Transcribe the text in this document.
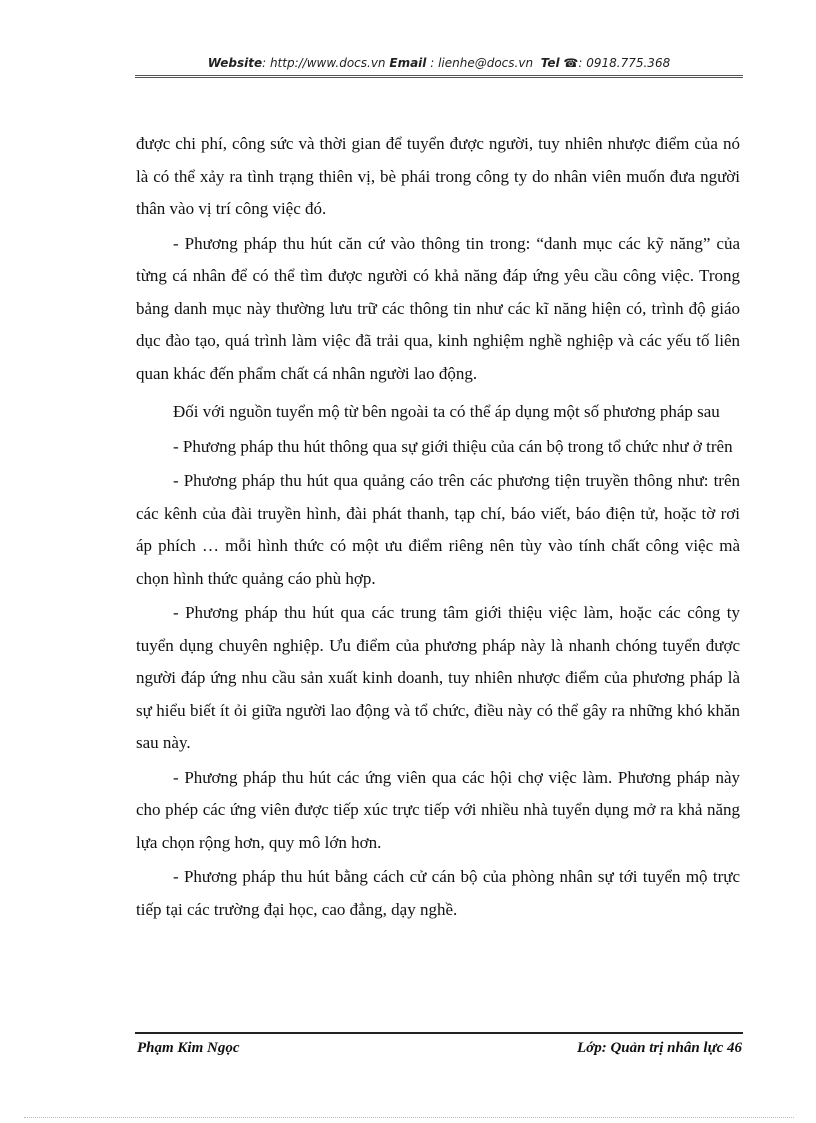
Website: http://www.docs.vn Email : lienhe@docs.vn Tel ☎: 0918.775.368

được chi phí, công sức và thời gian để tuyển được người, tuy nhiên nhược điểm của nó là có thể xảy ra tình trạng thiên vị, bè phái trong công ty do nhân viên muốn đưa người thân vào vị trí công việc đó.

- Phương pháp thu hút căn cứ vào thông tin trong: “danh mục các kỹ năng” của từng cá nhân để có thể tìm được người có khả năng đáp ứng yêu cầu công việc. Trong bảng danh mục này thường lưu trữ các thông tin như các kĩ năng hiện có, trình độ giáo dục đào tạo, quá trình làm việc đã trải qua, kinh nghiệm nghề nghiệp và các yếu tố liên quan khác đến phẩm chất cá nhân người lao động.

Đối với nguồn tuyển mộ từ bên ngoài ta có thể áp dụng một số phương pháp sau

- Phương pháp thu hút thông qua sự giới thiệu của cán bộ trong tổ chức như ở trên

- Phương pháp thu hút qua quảng cáo trên các phương tiện truyền thông như: trên các kênh của đài truyền hình, đài phát thanh, tạp chí, báo viết, báo điện tử, hoặc tờ rơi áp phích … mỗi hình thức có một ưu điểm riêng nên tùy vào tính chất công việc mà chọn hình thức quảng cáo phù hợp.

- Phương pháp thu hút qua các trung tâm giới thiệu việc làm, hoặc các công ty tuyển dụng chuyên nghiệp. Ưu điểm của phương pháp này là nhanh chóng tuyển được người đáp ứng nhu cầu sản xuất kinh doanh, tuy nhiên nhược điểm của phương pháp là sự hiểu biết ít ỏi giữa người lao động và tổ chức, điều này có thể gây ra những khó khăn sau này.

- Phương pháp thu hút các ứng viên qua các hội chợ việc làm. Phương pháp này cho phép các ứng viên được tiếp xúc trực tiếp với nhiều nhà tuyển dụng mở ra khả năng lựa chọn rộng hơn, quy mô lớn hơn.

- Phương pháp thu hút bằng cách cử cán bộ của phòng nhân sự tới tuyển mộ trực tiếp tại các trường đại học, cao đẳng, dạy nghề.

Phạm Kim Ngọc	Lớp: Quản trị nhân lực 46
